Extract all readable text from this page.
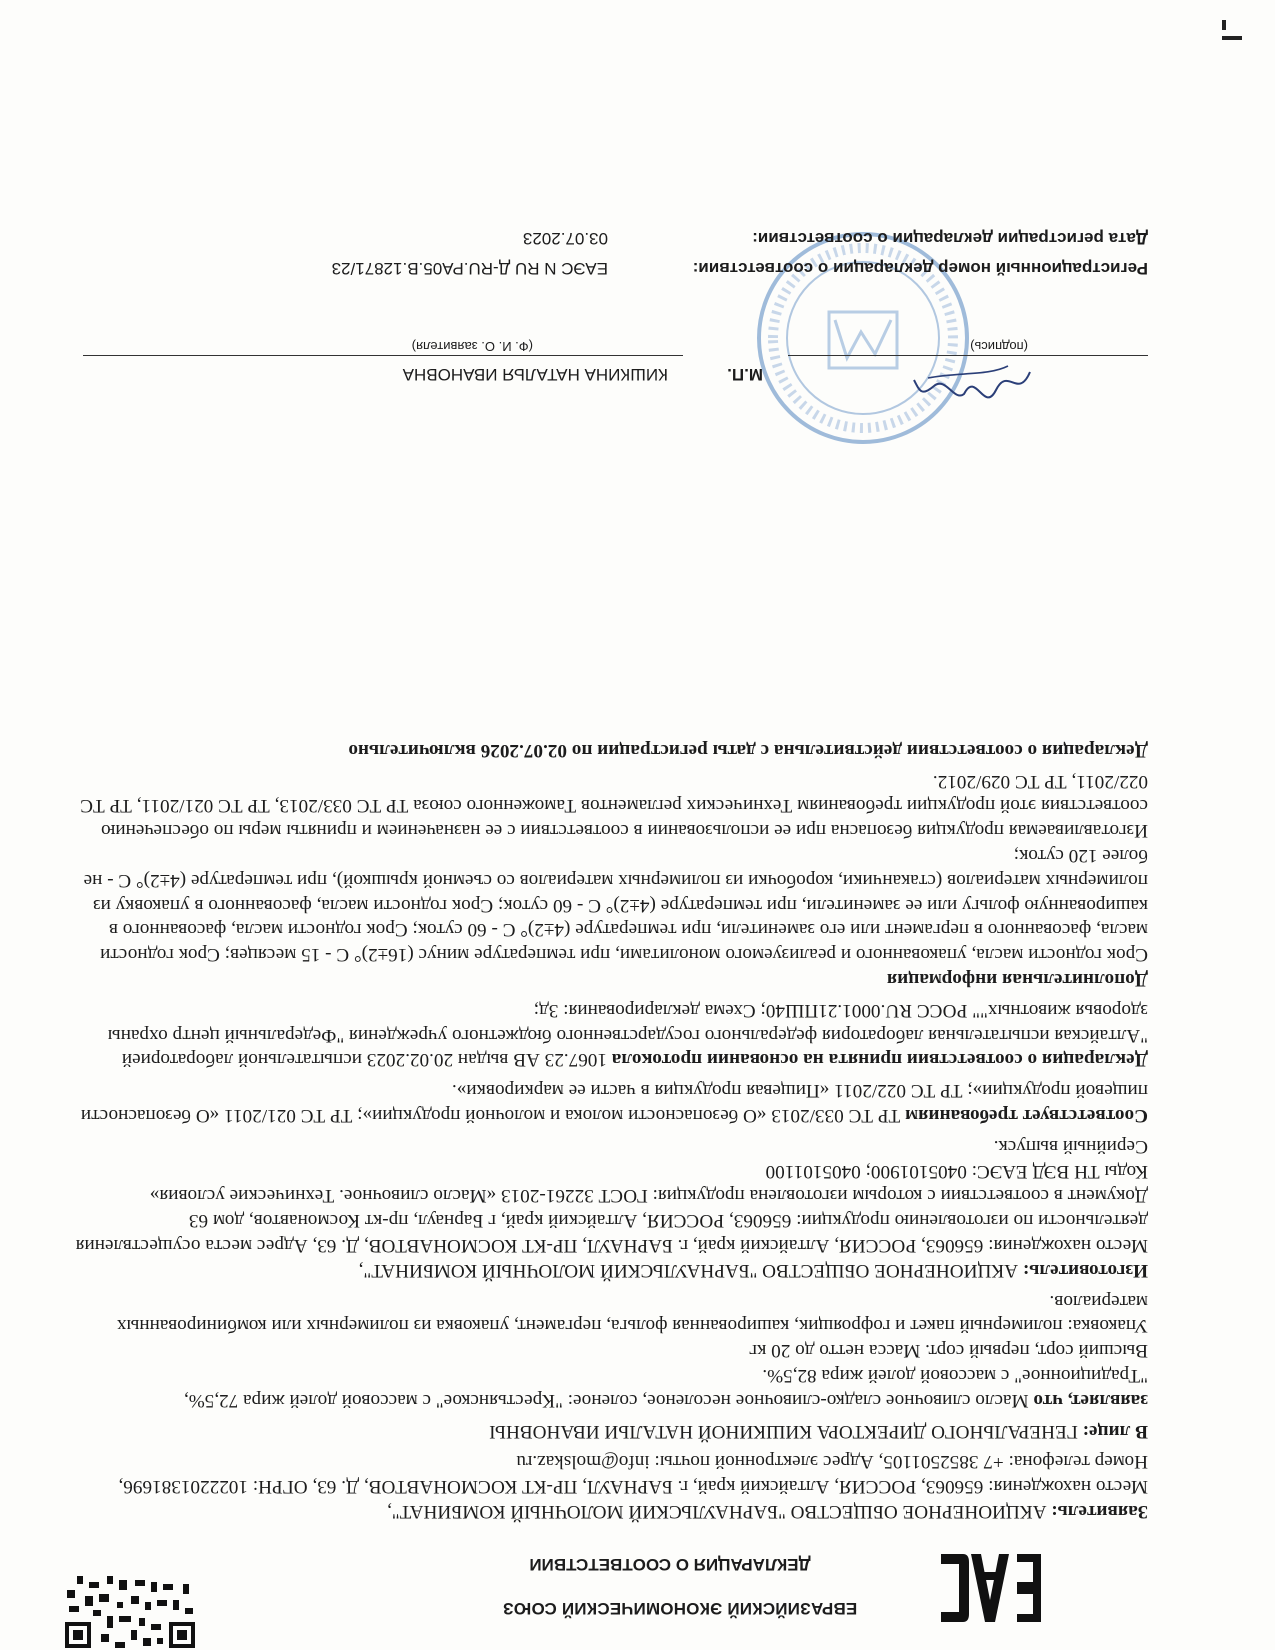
ЕВРАЗИЙСКИЙ ЭКОНОМИЧЕСКИЙ СОЮЗ
ДЕКЛАРАЦИЯ О СООТВЕТСТВИИ

Заявитель: АКЦИОНЕРНОЕ ОБЩЕСТВО "БАРНАУЛЬСКИЙ МОЛОЧНЫЙ КОМБИНАТ",

Место нахождения: 656063, РОССИЯ, Алтайский край, г. БАРНАУЛ, ПР-КТ КОСМОНАВТОВ, Д. 63, ОГРН: 1022201381696, Номер телефона: +7 3852501105, Адрес электронной почты: info@molskaz.ru

В лице: ГЕНЕРАЛЬНОГО ДИРЕКТОРА КИШКИНОЙ НАТАЛЬИ ИВАНОВНЫ

заявляет, что Масло сливочное сладко-сливочное несоленое, соленое: "Крестьянское" с массовой долей жира 72,5%, "Традиционное" с массовой долей жира 82,5%.

Высший сорт, первый сорт. Масса нетто до 20 кг

Упаковка: полимерный пакет и гофроящик, кашированная фольга, пергамент, упаковка из полимерных или комбинированных материалов.

Изготовитель: АКЦИОНЕРНОЕ ОБЩЕСТВО "БАРНАУЛЬСКИЙ МОЛОЧНЫЙ КОМБИНАТ",

Место нахождения: 656063, РОССИЯ, Алтайский край, г. БАРНАУЛ, ПР-КТ КОСМОНАВТОВ, Д. 63, Адрес места осуществления деятельности по изготовлению продукции: 656063, РОССИЯ, Алтайский край, г Барнаул, пр-кт Космонавтов, дом 63

Документ в соответствии с которым изготовлена продукция: ГОСТ 32261-2013 «Масло сливочное. Технические условия»

Коды ТН ВЭД ЕАЭС: 0405101900; 0405101100

Серийный выпуск.

Соответствует требованиям ТР ТС 033/2013 «О безопасности молока и молочной продукции»; ТР ТС 021/2011 «О безопасности пищевой продукции»; ТР ТС 022/2011 «Пищевая продукция в части ее маркировки».

Декларация о соответствии принята на основании протокола 1067.23 АВ выдан 20.02.2023 испытательной лабораторией "Алтайская испытательная лаборатория федерального государственного бюджетного учреждения "Федеральный центр охраны здоровья животных"" РОСС RU.0001.21ПШ40; Схема декларирования: 3д;

Дополнительная информация

Срок годности масла, упакованного и реализуемого монолитами, при температуре минус (16±2)° С - 15 месяцев; Срок годности масла, фасованного в пергамент или его заменители, при температуре (4±2)° С - 60 суток; Срок годности масла, фасованного в кашированную фольгу или ее заменители, при температуре (4±2)° С - 60 суток; Срок годности масла, фасованного в упаковку из полимерных материалов (стаканчики, коробочки из полимерных материалов со съемной крышкой), при температуре (4±2)° С - не более 120 суток;

Изготавливаемая продукция безопасна при ее использовании в соответствии с ее назначением и приняты меры по обеспечению соответствия этой продукции требованиям Технических регламентов Таможенного союза ТР ТС 033/2013, ТР ТС 021/2011, ТР ТС 022/2011, ТР ТС 029/2012.

Декларация о соответствии действительна с даты регистрации по 02.07.2026 включительно

М.П.
КИШКИНА НАТАЛЬЯ ИВАНОВНА
(подпись)
(Ф. И. О. заявителя)
Регистрационный номер декларации о соответствии:
ЕАЭС N RU Д-RU.РА05.В.12871/23
Дата регистрации декларации о соответствии:
03.07.2023
